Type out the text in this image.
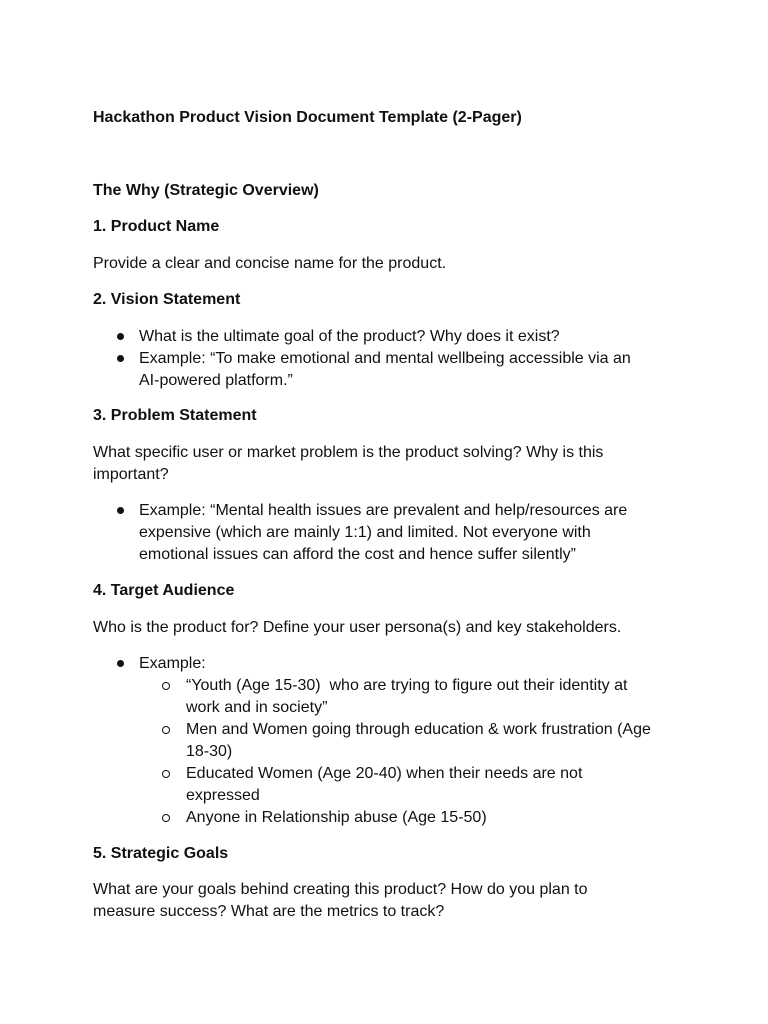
Hackathon Product Vision Document Template (2-Pager)
The Why (Strategic Overview)
1. Product Name
Provide a clear and concise name for the product.
2. Vision Statement
What is the ultimate goal of the product? Why does it exist?
Example: “To make emotional and mental wellbeing accessible via an
AI-powered platform.”
3. Problem Statement
What specific user or market problem is the product solving? Why is this
important?
Example: “Mental health issues are prevalent and help/resources are
expensive (which are mainly 1:1) and limited. Not everyone with
emotional issues can afford the cost and hence suffer silently”
4. Target Audience
Who is the product for? Define your user persona(s) and key stakeholders.
Example:
“Youth (Age 15-30)  who are trying to figure out their identity at
work and in society”
Men and Women going through education & work frustration (Age
18-30)
Educated Women (Age 20-40) when their needs are not
expressed
Anyone in Relationship abuse (Age 15-50)
5. Strategic Goals
What are your goals behind creating this product? How do you plan to
measure success? What are the metrics to track?
